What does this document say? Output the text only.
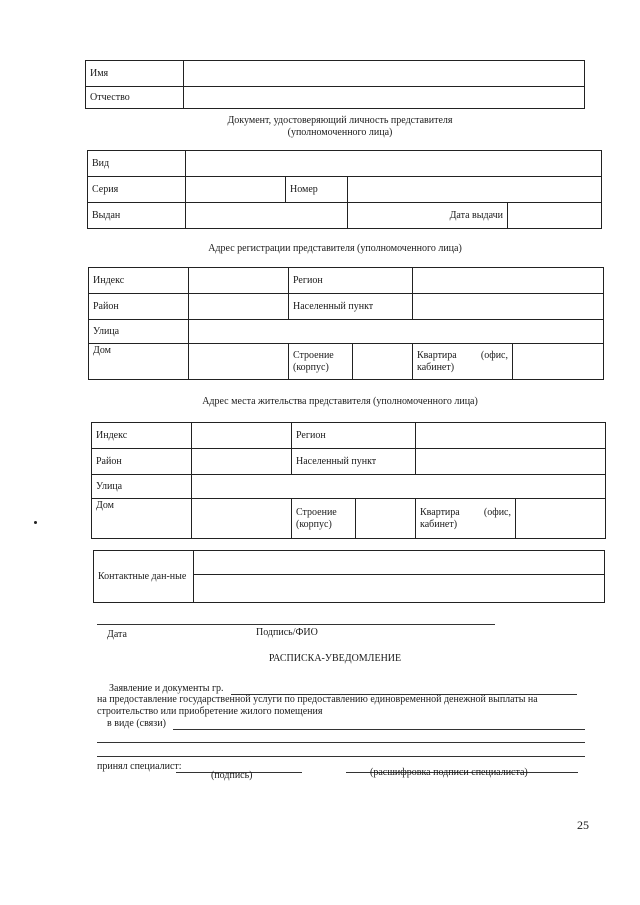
Имя	
Отчество	
Документ, удостоверяющий личность представителя
(уполномоченного лица)
Вид				
Серия		Номер		
Выдан			Дата выдачи	
Адрес регистрации представителя (уполномоченного лица)
Индекс		Регион			
Район		Населенный пункт			
Улица					
Дом		Строение (корпус)		Квартира (офис, кабинет)	
Адрес места жительства представителя (уполномоченного лица)
Индекс		Регион			
Район		Населенный пункт			
Улица					
Дом		Строение (корпус)		Квартира (офис, кабинет)	
Контактные дан-ные	

Дата	Подпись/ФИО
РАСПИСКА-УВЕДОМЛЕНИЕ
Заявление и документы гр.
на предоставление государственной услуги по предоставлению единовременной денежной выплаты на
строительство или приобретение жилого помещения
в виде (связи)
принял специалист:
(подпись)	(расшифровка подписи специалиста)
25
